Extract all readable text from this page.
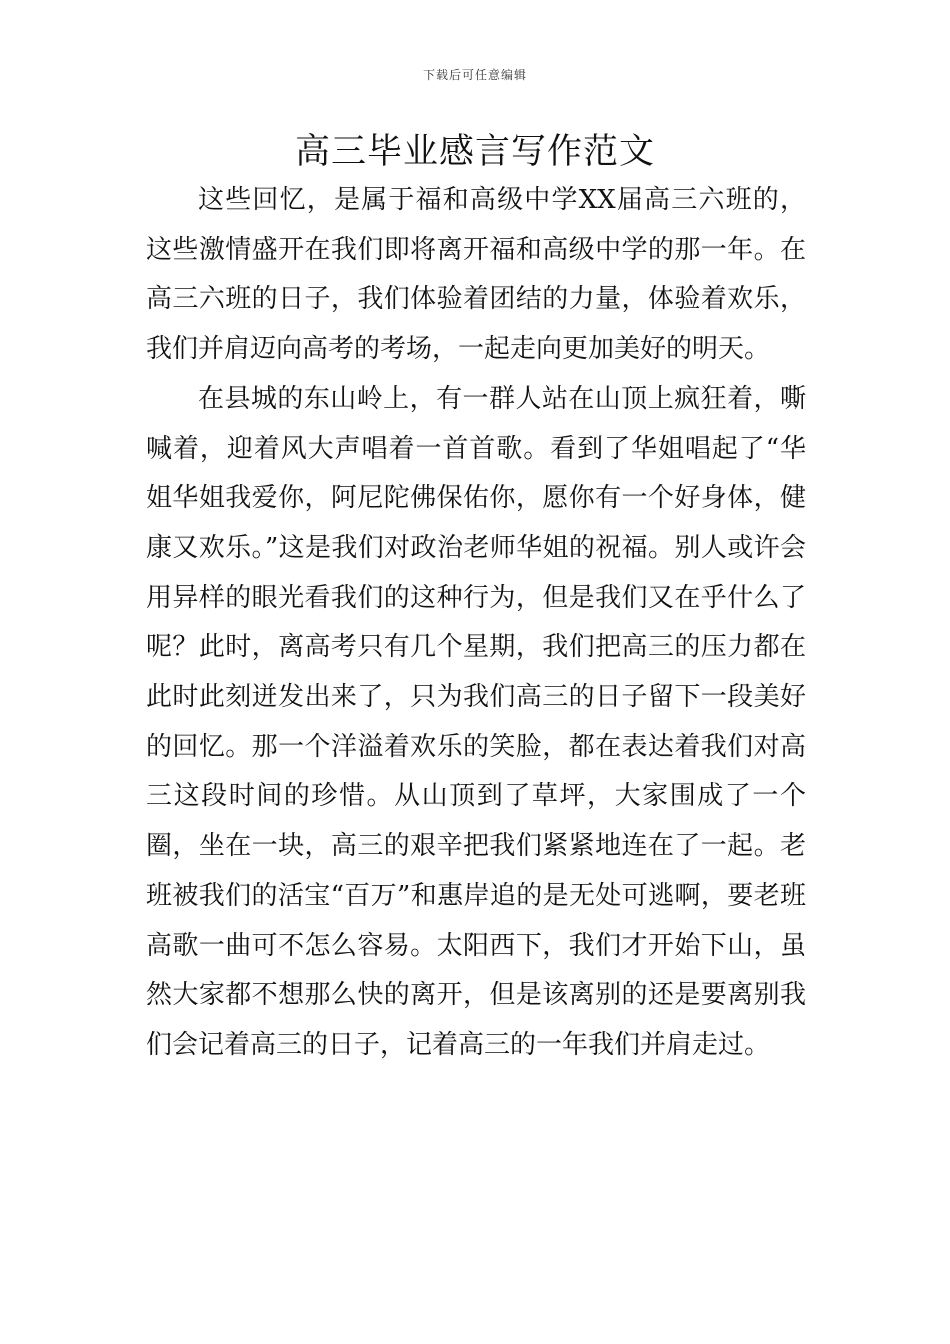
下载后可任意编辑
高三毕业感言写作范文

这些回忆，是属于福和高级中学XX届高三六班的，这些激情盛开在我们即将离开福和高级中学的那一年。在高三六班的日子，我们体验着团结的力量，体验着欢乐，我们并肩迈向高考的考场，一起走向更加美好的明天。

在县城的东山岭上，有一群人站在山顶上疯狂着，嘶喊着，迎着风大声唱着一首首歌。看到了华姐唱起了“华姐华姐我爱你，阿尼陀佛保佑你，愿你有一个好身体，健康又欢乐。”这是我们对政治老师华姐的祝福。别人或许会用异样的眼光看我们的这种行为，但是我们又在乎什么了呢？此时，离高考只有几个星期，我们把高三的压力都在此时此刻迸发出来了，只为我们高三的日子留下一段美好的回忆。那一个洋溢着欢乐的笑脸，都在表达着我们对高三这段时间的珍惜。从山顶到了草坪，大家围成了一个圈，坐在一块，高三的艰辛把我们紧紧地连在了一起。老班被我们的活宝“百万”和惠岸追的是无处可逃啊，要老班高歌一曲可不怎么容易。太阳西下，我们才开始下山，虽然大家都不想那么快的离开，但是该离别的还是要离别我们会记着高三的日子，记着高三的一年我们并肩走过。
